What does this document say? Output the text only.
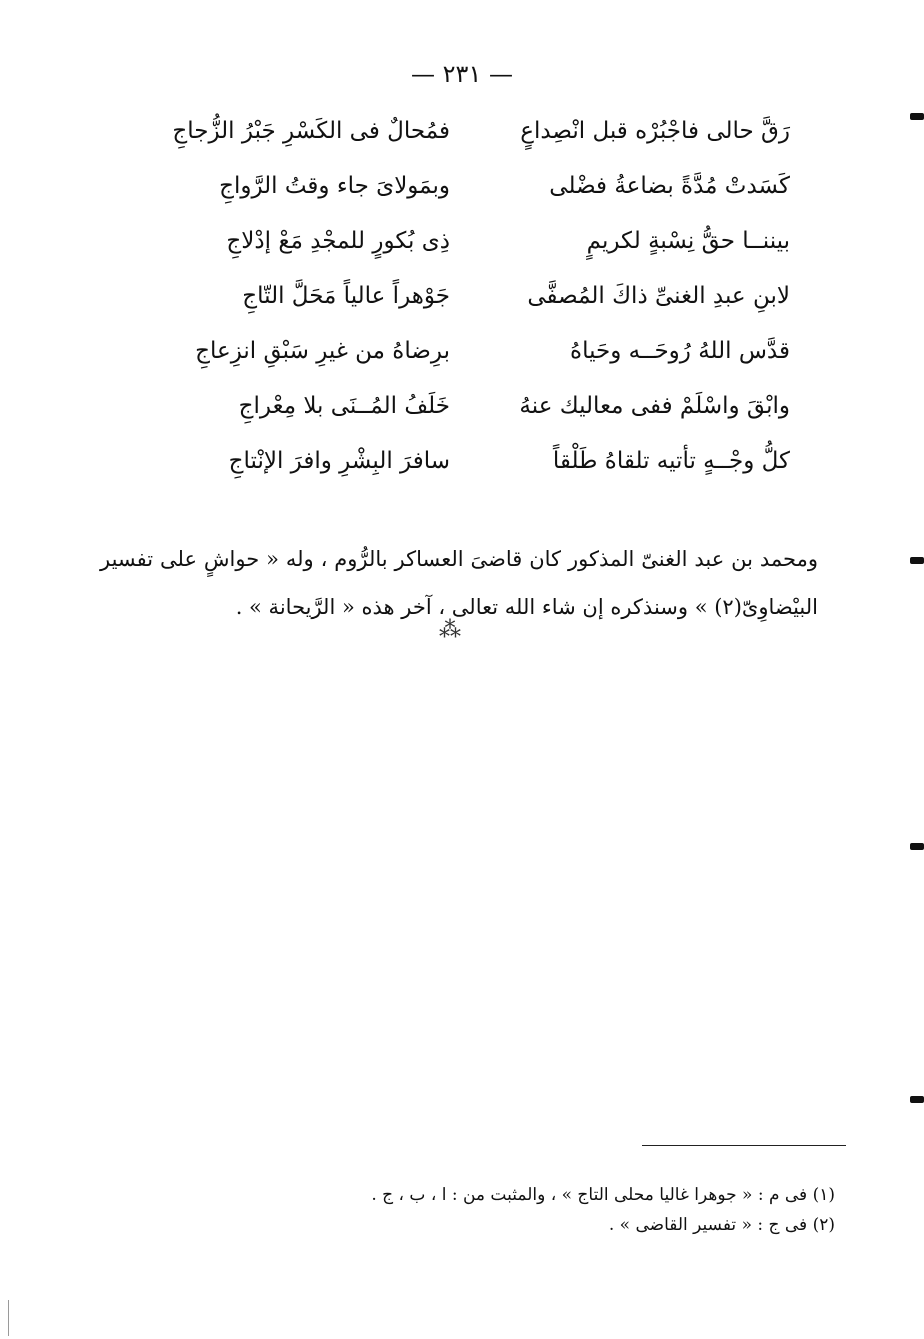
— ٢٣١ —
رَقَّ حالى فاجْبُرْه قبل انْصِداعٍ
فمُحالٌ فى الكَسْرِ جَبْرُ الزُّجاجِ
كَسَدتْ مُدَّةً بضاعةُ فضْلى
وبمَولاىَ جاء وقتُ الرَّواجِ
بيننــا حقُّ نِسْبةٍ لكريمٍ
ذِى بُكورٍ للمجْدِ مَعْ إدْلاجِ
لابنِ عبدِ الغنىِّ ذاكَ المُصفَّى
جَوْهراً عالياً مَحَلَّ التّاجِ
قدَّس اللهُ رُوحَــه وحَياهُ
برِضاهُ من غيرِ سَبْقِ انزِعاجِ
وابْقَ واسْلَمْ ففى معاليك عنهُ
خَلَفُ المُــنَى بلا مِعْراجِ
كلُّ وجْــهٍ تأتيه تلقاهُ طَلْقاً
سافرَ البِشْرِ وافرَ الإنْتاجِ

ومحمد بن عبد الغنىّ المذكور كان قاضىَ العساكر بالرُّوم ، وله « حواشٍ على تفسير البيْضاوِىّ(٢) » وسنذكره إن شاء الله تعالى ، آخر هذه « الرَّيحانة » .

⁂
(١) فى م : « جوهرا غاليا محلى التاج » ، والمثبت من : ا ، ب ، ج .
(٢) فى ج : « تفسير القاضى » .
